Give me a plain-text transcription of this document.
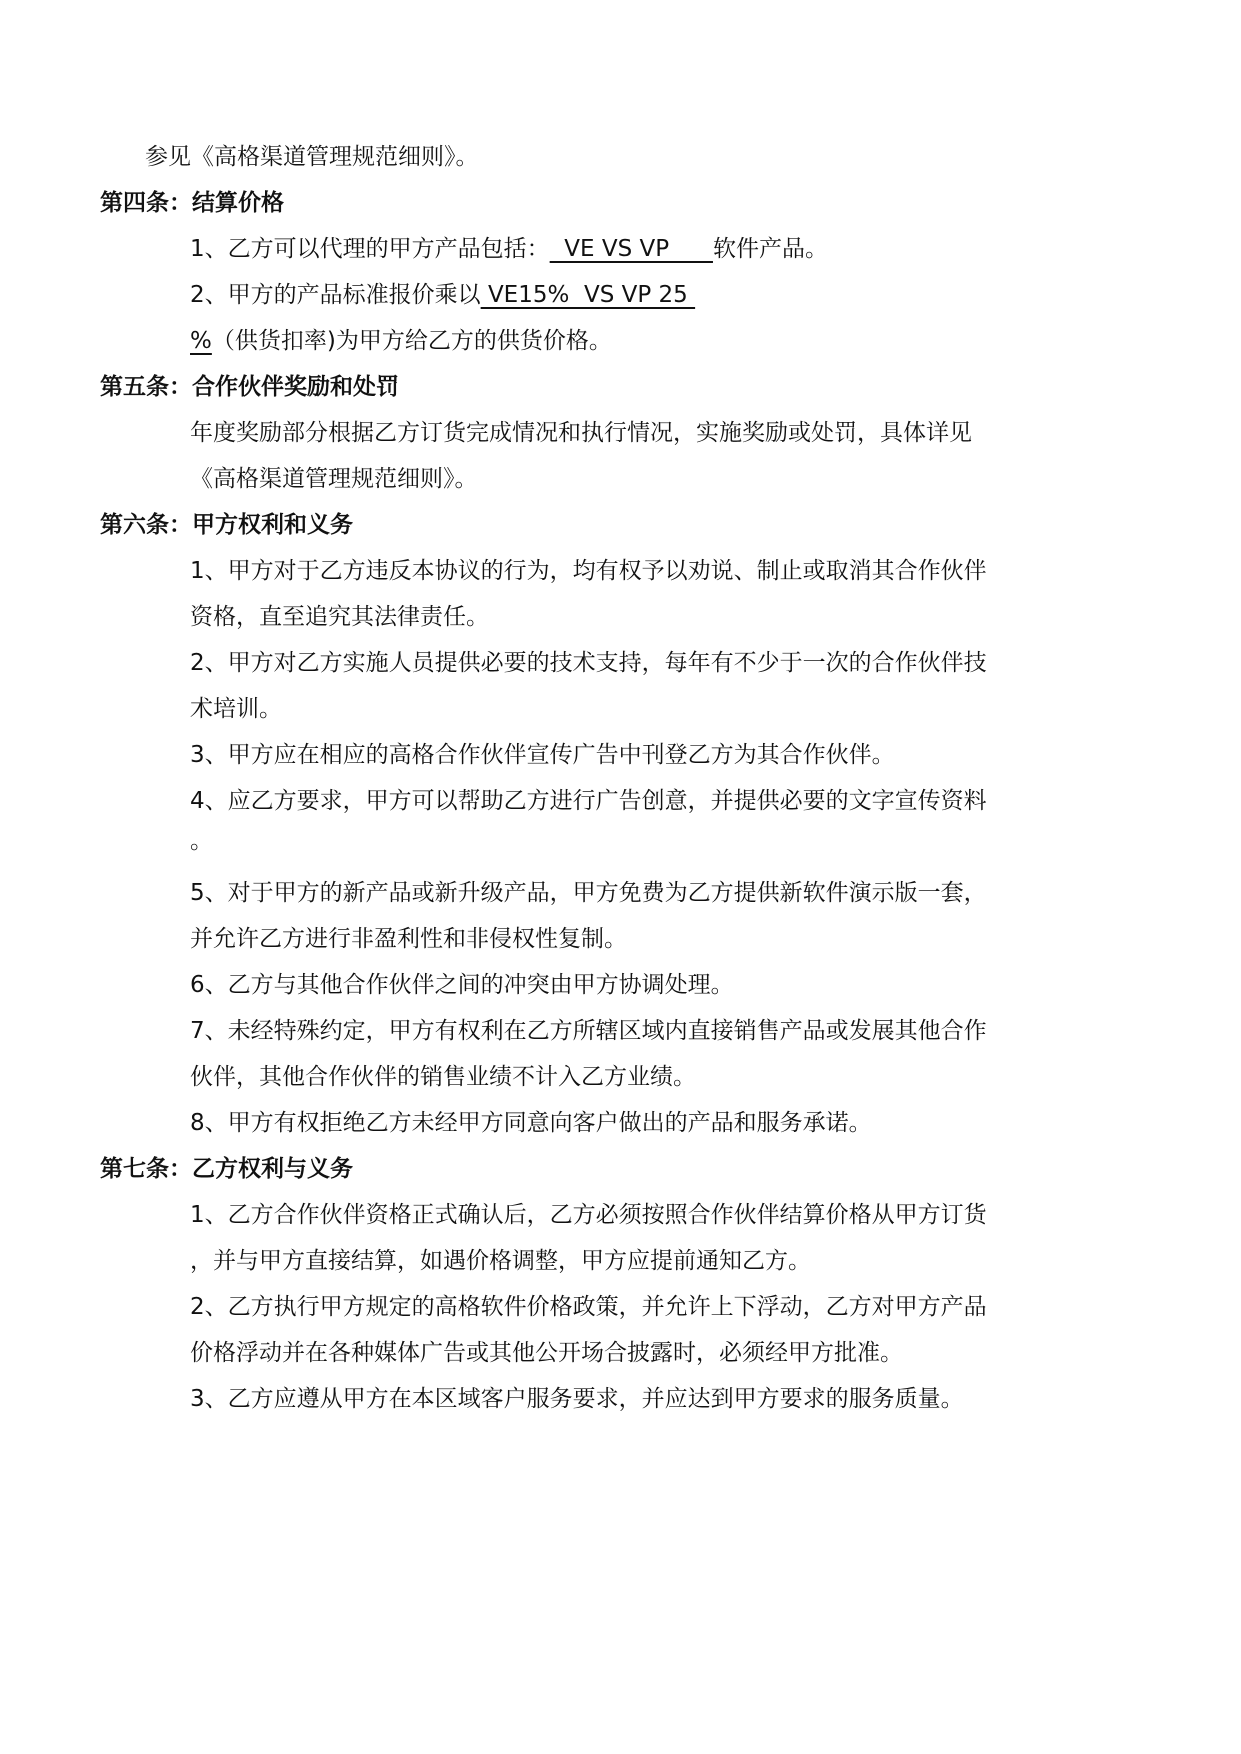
参见《高格渠道管理规范细则》。
第四条：结算价格
1、乙方可以代理的甲方产品包括：  VE VS VP      软件产品。
2、甲方的产品标准报价乘以 VE15%  VS VP 25
%（供货扣率)为甲方给乙方的供货价格。
第五条：合作伙伴奖励和处罚
年度奖励部分根据乙方订货完成情况和执行情况，实施奖励或处罚，具体详见
《高格渠道管理规范细则》。
第六条：甲方权利和义务
1、甲方对于乙方违反本协议的行为，均有权予以劝说、制止或取消其合作伙伴
资格，直至追究其法律责任。
2、甲方对乙方实施人员提供必要的技术支持，每年有不少于一次的合作伙伴技
术培训。
3、甲方应在相应的高格合作伙伴宣传广告中刊登乙方为其合作伙伴。
4、应乙方要求，甲方可以帮助乙方进行广告创意，并提供必要的文字宣传资料
。
5、对于甲方的新产品或新升级产品，甲方免费为乙方提供新软件演示版一套，
并允许乙方进行非盈利性和非侵权性复制。
6、乙方与其他合作伙伴之间的冲突由甲方协调处理。
7、未经特殊约定，甲方有权利在乙方所辖区域内直接销售产品或发展其他合作
伙伴，其他合作伙伴的销售业绩不计入乙方业绩。
8、甲方有权拒绝乙方未经甲方同意向客户做出的产品和服务承诺。
第七条：乙方权利与义务
1、乙方合作伙伴资格正式确认后，乙方必须按照合作伙伴结算价格从甲方订货
，并与甲方直接结算，如遇价格调整，甲方应提前通知乙方。
2、乙方执行甲方规定的高格软件价格政策，并允许上下浮动，乙方对甲方产品
价格浮动并在各种媒体广告或其他公开场合披露时，必须经甲方批准。
3、乙方应遵从甲方在本区域客户服务要求，并应达到甲方要求的服务质量。
